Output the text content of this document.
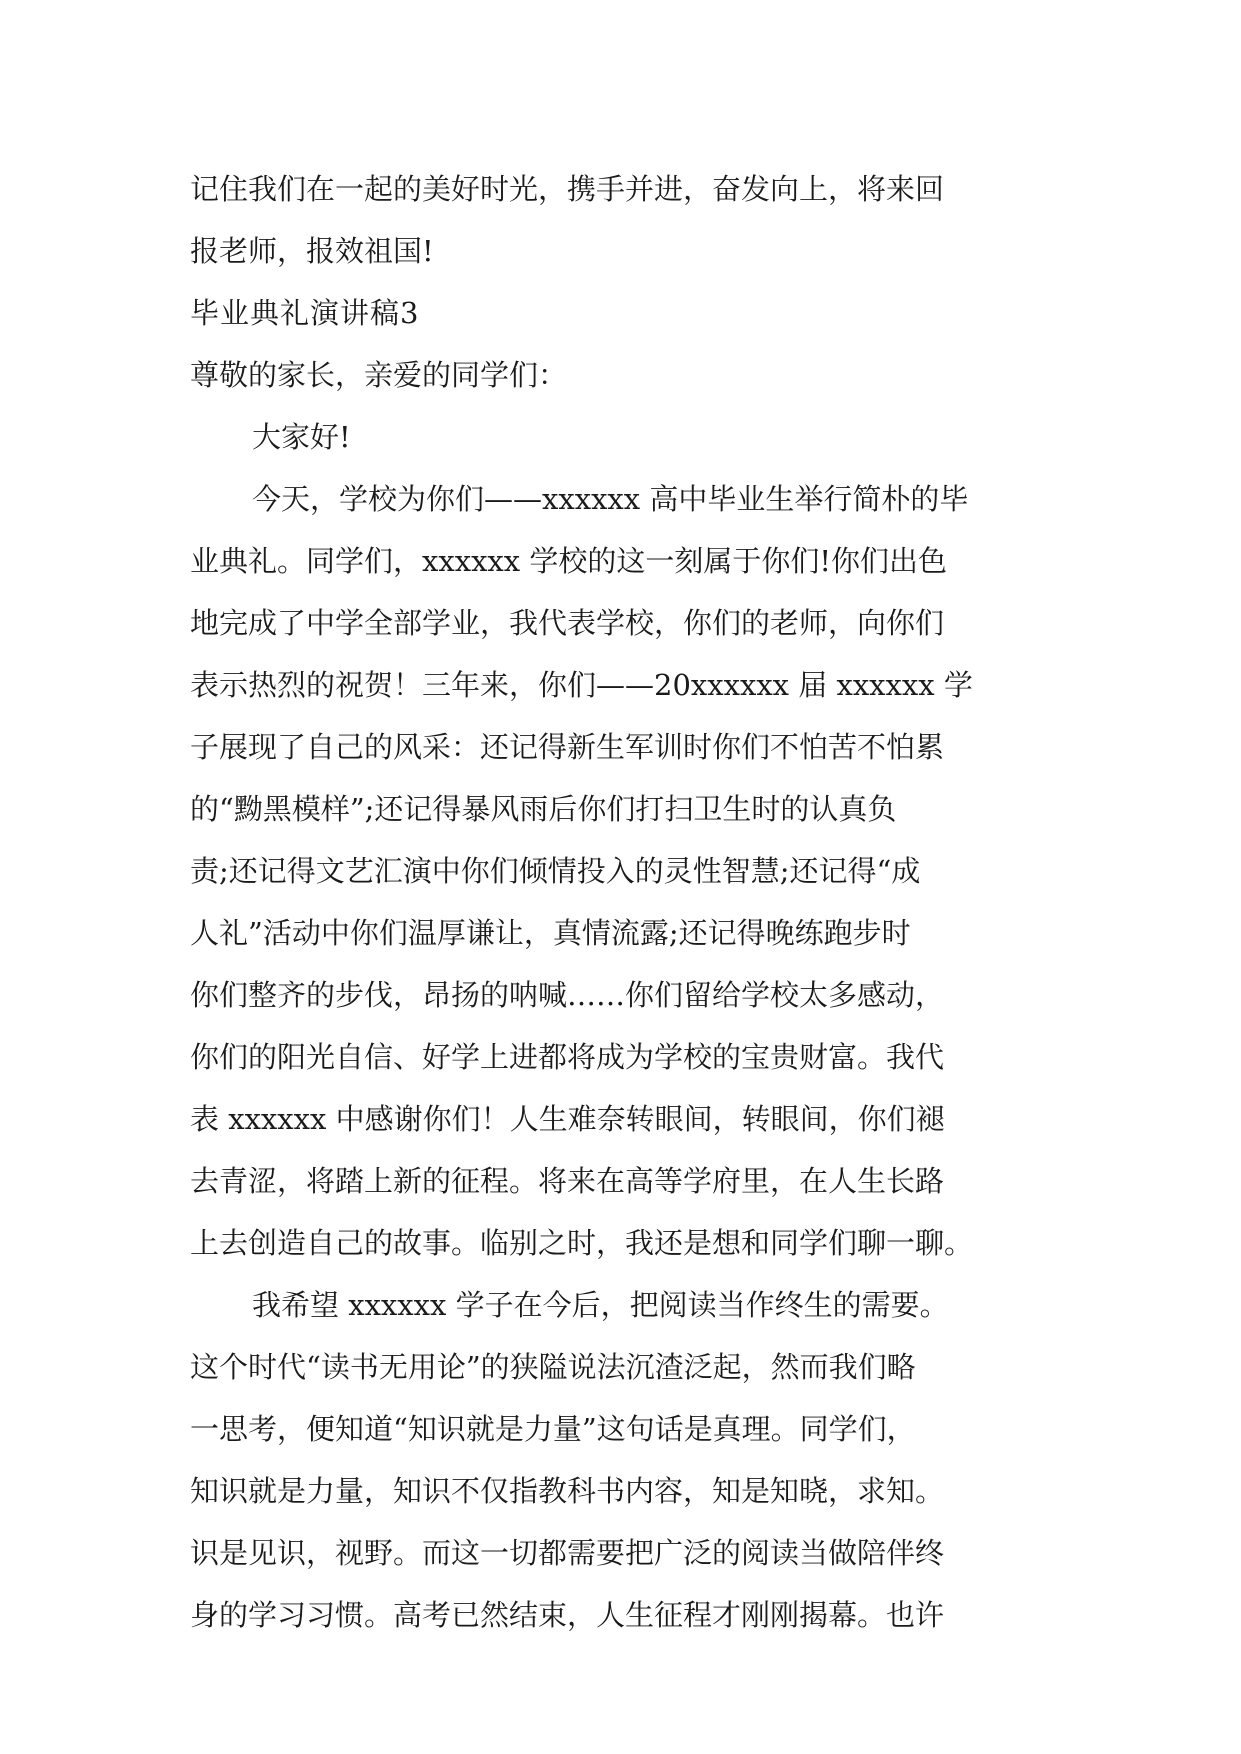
记住我们在一起的美好时光，携手并进，奋发向上，将来回
报老师，报效祖国!
毕业典礼演讲稿3
尊敬的家长，亲爱的同学们：
大家好!
今天，学校为你们——xxxxxx 高中毕业生举行简朴的毕
业典礼。同学们，xxxxxx 学校的这一刻属于你们!你们出色
地完成了中学全部学业，我代表学校，你们的老师，向你们
表示热烈的祝贺！三年来，你们——20xxxxxx 届 xxxxxx 学
子展现了自己的风采：还记得新生军训时你们不怕苦不怕累
的“黝黑模样”;还记得暴风雨后你们打扫卫生时的认真负
责;还记得文艺汇演中你们倾情投入的灵性智慧;还记得“成
人礼”活动中你们温厚谦让，真情流露;还记得晚练跑步时
你们整齐的步伐，昂扬的呐喊……你们留给学校太多感动，
你们的阳光自信、好学上进都将成为学校的宝贵财富。我代
表 xxxxxx 中感谢你们！人生难奈转眼间，转眼间，你们褪
去青涩，将踏上新的征程。将来在高等学府里，在人生长路
上去创造自己的故事。临别之时，我还是想和同学们聊一聊。
我希望 xxxxxx 学子在今后，把阅读当作终生的需要。
这个时代“读书无用论”的狭隘说法沉渣泛起，然而我们略
一思考，便知道“知识就是力量”这句话是真理。同学们，
知识就是力量，知识不仅指教科书内容，知是知晓，求知。
识是见识，视野。而这一切都需要把广泛的阅读当做陪伴终
身的学习习惯。高考已然结束，人生征程才刚刚揭幕。也许
